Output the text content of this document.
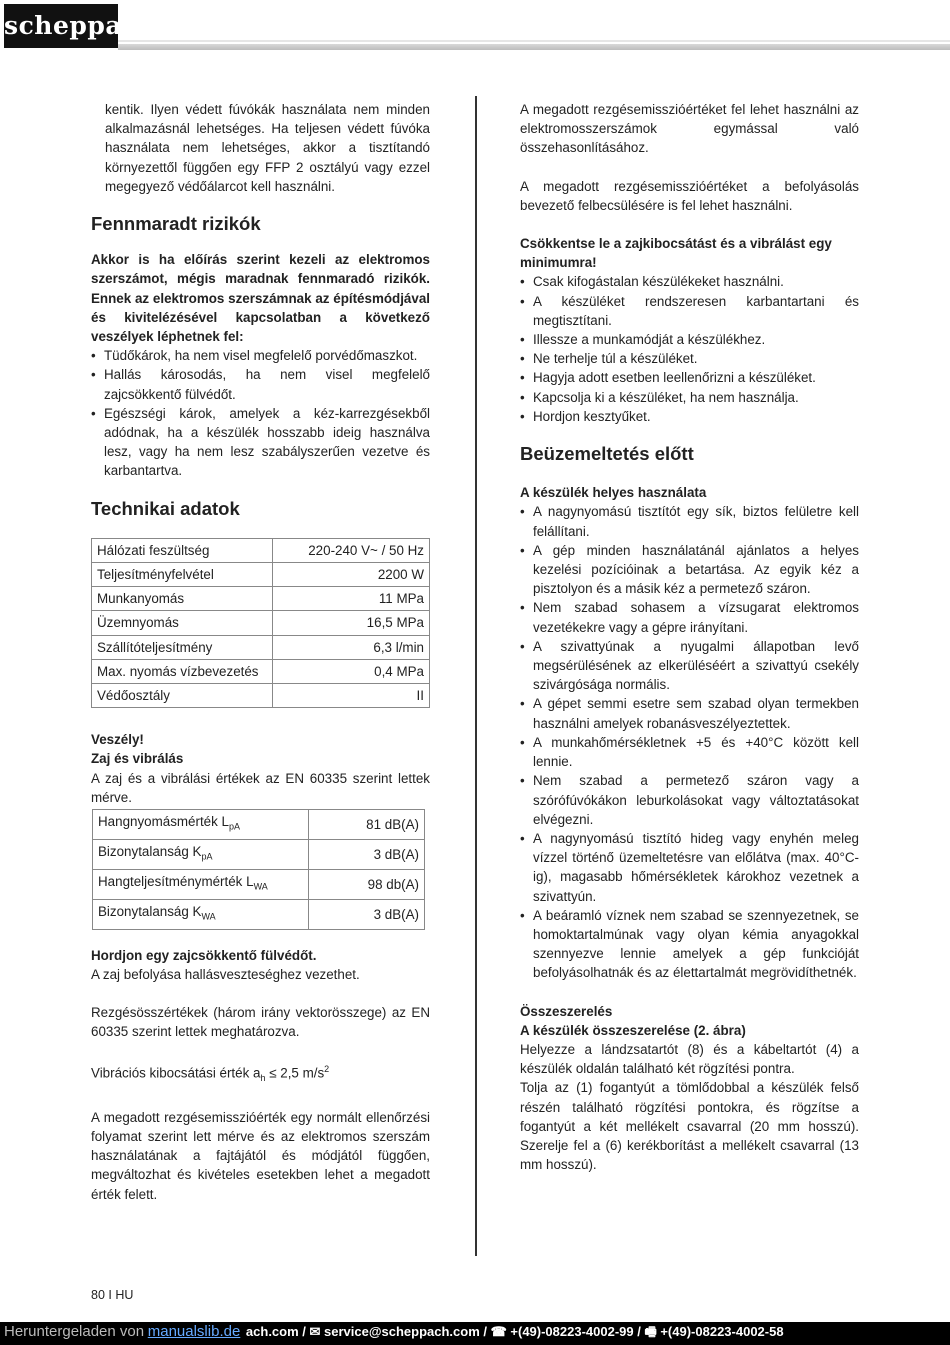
scheppach

kentik. Ilyen védett fúvókák használata nem minden alkalmazásnál lehetséges. Ha teljesen védett fúvóka használata nem lehetséges, akkor a tisztítandó környezettől függően egy FFP 2 osztályú vagy ezzel megegyező védőálarcot kell használni.

Fennmaradt rizikók

Akkor is ha előírás szerint kezeli az elektromos szerszámot, mégis maradnak fennmaradó rizikók. Ennek az elektromos szerszámnak az építésmódjával és kivitelézésével kapcsolatban a következő veszélyek léphetnek fel:

• Tüdőkárok, ha nem visel megfelelő porvédőmaszkot.
• Hallás károsodás, ha nem visel megfelelő zajcsökkentő fülvédőt.
• Egészségi károk, amelyek a kéz-karrezgésekből adódnak, ha a készülék hosszabb ideig használva lesz, vagy ha nem lesz szabályszerűen vezetve és karbantartva.
Technikai adatok
Hálózati feszültség	220-240 V~ / 50 Hz
Teljesítményfelvétel	2200 W
Munkanyomás	11 MPa
Üzemnyomás	16,5 MPa
Szállítóteljesítmény	6,3 l/min
Max. nyomás vízbevezetés	0,4 MPa
Védőosztály	II

Veszély!

Zaj és vibrálás

A zaj és a vibrálási értékek az EN 60335 szerint lettek mérve.

Hangnyomásmérték $L_{pA}$	81 dB(A)
Bizonytalanság $K_{pA}$	3 dB(A)
Hangteljesítménymérték $L_{WA}$	98 db(A)
Bizonytalanság $K_{WA}$	3 dB(A)

Hordjon egy zajcsökkentő fülvédőt.

A zaj befolyása hallásveszteséghez vezethet.

Rezgésösszértékek (három irány vektorösszege) az EN 60335 szerint lettek meghatározva.

Vibrációs kibocsátási érték $a_h \le 2,5$ $m/s^2$

A megadott rezgésemisszióérték egy normált ellenőrzési folyamat szerint lett mérve és az elektromos szerszám használatának a fajtájától és módjától függően, megváltozhat és kivételes esetekben lehet a megadott érték felett.

A megadott rezgésemisszióértéket fel lehet használni az elektromosszerszámok egymással való összehasonlításához.

A megadott rezgésemisszióértéket a befolyásolás bevezető felbecsülésére is fel lehet használni.

Csökkentse le a zajkibocsátást és a vibrálást egy minimumra!

• Csak kifogástalan készülékeket használni.
• A készüléket rendszeresen karbantartani és megtisztítani.
• Illessze a munkamódját a készülékhez.
• Ne terhelje túl a készüléket.
• Hagyja adott esetben leellenőrizni a készüléket.
• Kapcsolja ki a készüléket, ha nem használja.
• Hordjon kesztyűket.
Beüzemeltetés előtt

A készülék helyes használata

• A nagynyomású tisztítót egy sík, biztos felületre kell felállítani.
• A gép minden használatánál ajánlatos a helyes kezelési pozícióinak a betartása. Az egyik kéz a pisztolyon és a másik kéz a permetező száron.
• Nem szabad sohasem a vízsugarat elektromos vezetékekre vagy a gépre irányítani.
• A szivattyúnak a nyugalmi állapotban levő megsérülésének az elkerüléséért a szivattyú csekély szivárgósága normális.
• A gépet semmi esetre sem szabad olyan termekben használni amelyek robanásveszélyeztettek.
• A munkahőmérsékletnek +5 és +40°C között kell lennie.
• Nem szabad a permetező száron vagy a szórófúvókákon leburkolásokat vagy változtatásokat elvégezni.
• A nagynyomású tisztító hideg vagy enyhén meleg vízzel történő üzemeltetésre van előlátva (max. 40°C-ig), magasabb hőmérsékletek károkhoz vezetnek a szivattyún.
• A beáramló víznek nem szabad se szennyezetnek, se homoktartalmúnak vagy olyan kémia anyagokkal szennyezve lennie amelyek a gép funkcióját befolyásolhatnák és az élettartalmát megrövidíthetnék.

Összeszerelés

A készülék összeszerelése (2. ábra)

Helyezze a lándzsatartót (8) és a kábeltartót (4) a készülék oldalán található két rögzítési pontra.

Tolja az (1) fogantyút a tömlődobbal a készülék felső részén található rögzítési pontokra, és rögzítse a fogantyút a két mellékelt csavarral (20 mm hosszú). Szerelje fel a (6) kerékborítást a mellékelt csavarral (13 mm hosszú).

80 I HU
Heruntergeladen von manualslib.de ach.com / ✉ service@scheppach.com / ☎ +(49)-08223-4002-99 / 🖷 +(49)-08223-4002-58
